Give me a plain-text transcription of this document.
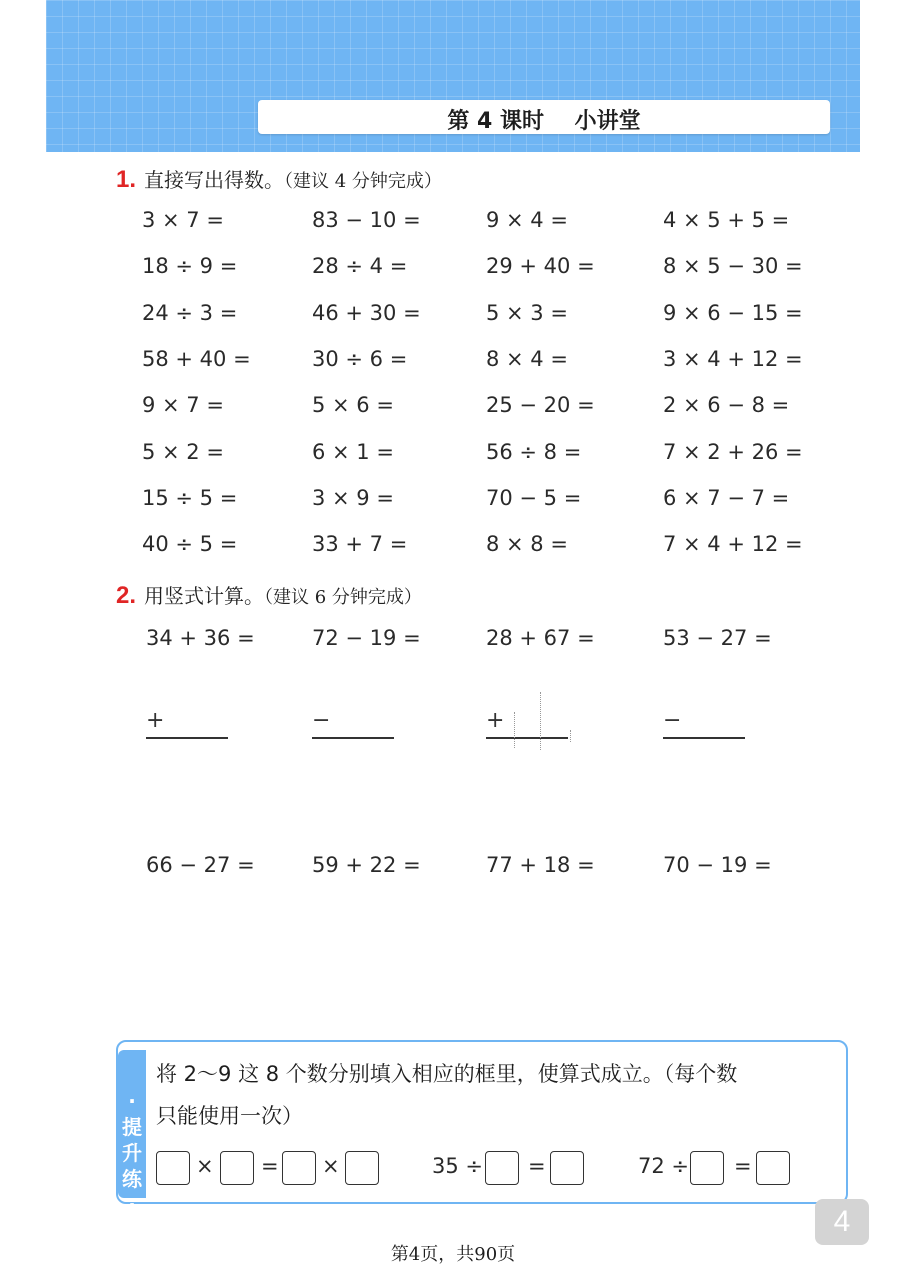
第 4 课时    小讲堂
1. 直接写出得数。（建议 4 分钟完成）
3 × 7 =	83 − 10 =	9 × 4 =	4 × 5 + 5 =
18 ÷ 9 =	28 ÷ 4 =	29 + 40 =	8 × 5 − 30 =
24 ÷ 3 =	46 + 30 =	5 × 3 =	9 × 6 − 15 =
58 + 40 =	30 ÷ 6 =	8 × 4 =	3 × 4 + 12 =
9 × 7 =	5 × 6 =	25 − 20 =	2 × 6 − 8 =
5 × 2 =	6 × 1 =	56 ÷ 8 =	7 × 2 + 26 =
15 ÷ 5 =	3 × 9 =	70 − 5 =	6 × 7 − 7 =
40 ÷ 5 =	33 + 7 =	8 × 8 =	7 × 4 + 12 =
2. 用竖式计算。（建议 6 分钟完成）
34 + 36 =	72 − 19 =	28 + 67 =	53 − 27 =
+	−	+	−
66 − 27 =	59 + 22 =	77 + 18 =	70 − 19 =
·
提
升
练
·
将 2～9 这 8 个数分别填入相应的框里，使算式成立。（每个数
只能使用一次）
× = ×	35 ÷ =	72 ÷ =
4
第4页，共90页
